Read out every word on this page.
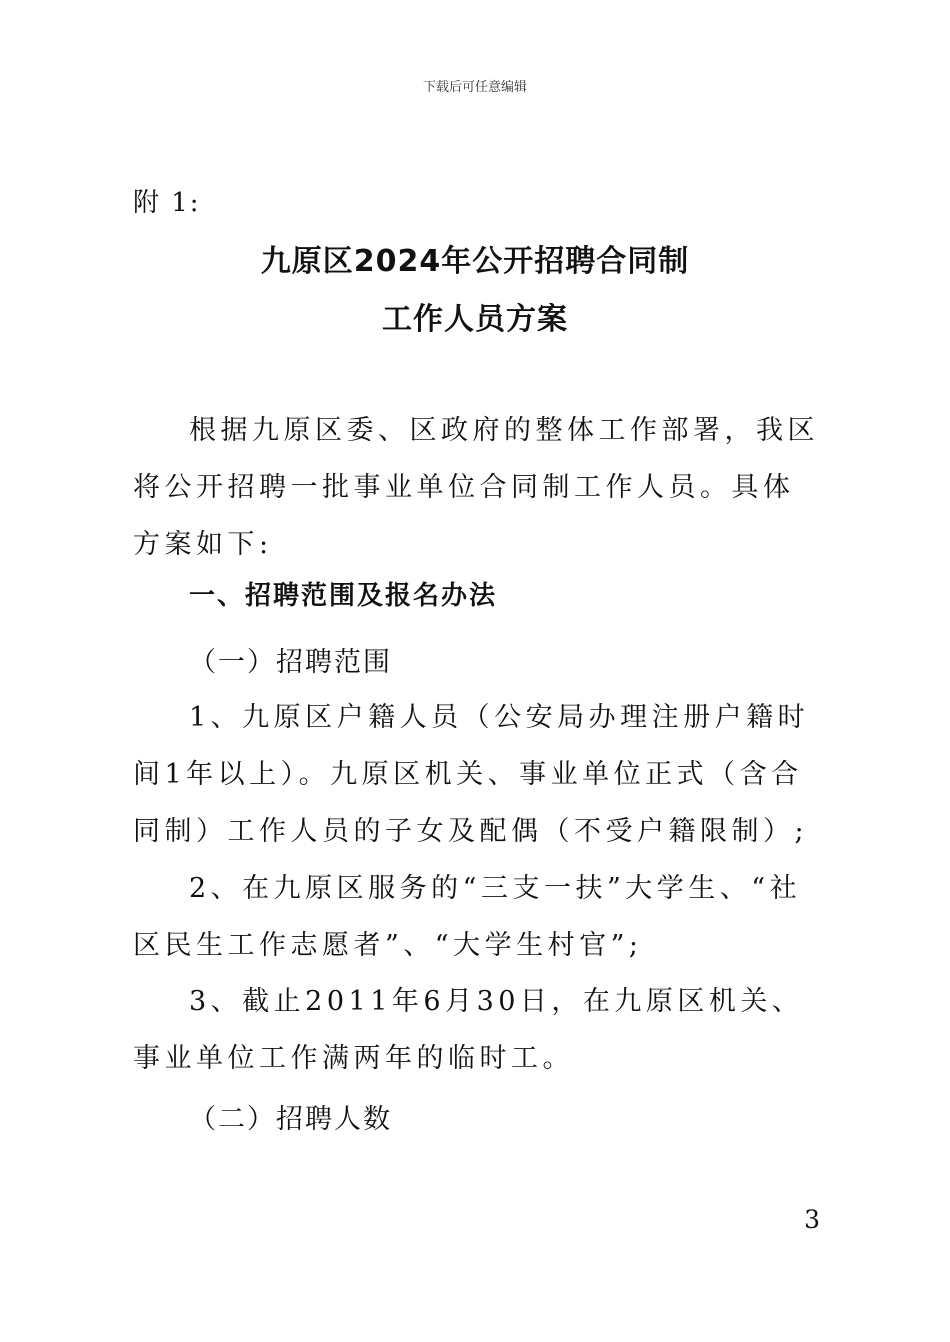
下载后可任意编辑
附 1:
九原区2024年公开招聘合同制
工作人员方案

根据九原区委、区政府的整体工作部署，我区将公开招聘一批事业单位合同制工作人员。具体方案如下:

一、招聘范围及报名办法
（一）招聘范围

1、九原区户籍人员（公安局办理注册户籍时间1年以上）。九原区机关、事业单位正式（含合同制）工作人员的子女及配偶（不受户籍限制）;

2、在九原区服务的“三支一扶”大学生、“社区民生工作志愿者”、“大学生村官”;

3、截止2011年6月30日，在九原区机关、事业单位工作满两年的临时工。

（二）招聘人数
3
